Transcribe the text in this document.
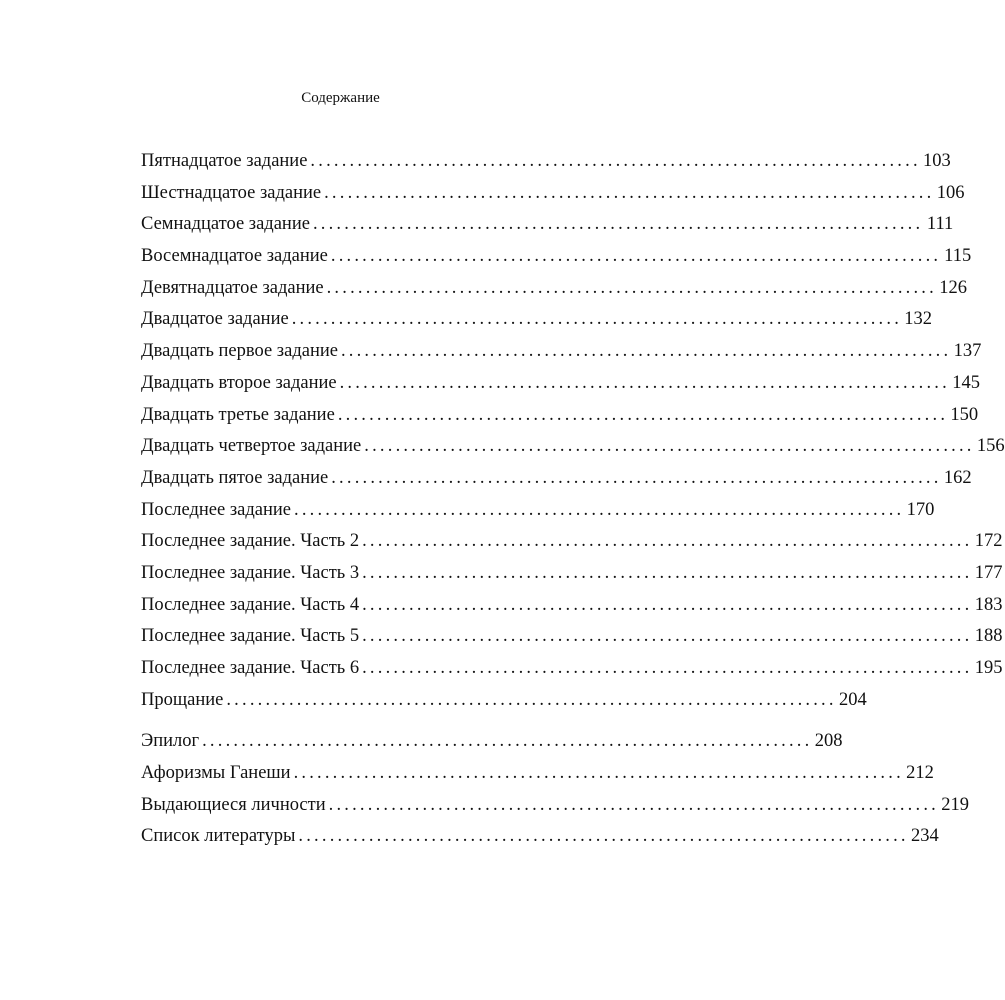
Содержание
Пятнадцатое задание .............................................................................. 103
Шестнадцатое задание .............................................................................. 106
Семнадцатое задание .............................................................................. 111
Восемнадцатое задание .............................................................................. 115
Девятнадцатое задание .............................................................................. 126
Двадцатое задание .............................................................................. 132
Двадцать первое задание .............................................................................. 137
Двадцать второе задание .............................................................................. 145
Двадцать третье задание .............................................................................. 150
Двадцать четвертое задание .............................................................................. 156
Двадцать пятое задание .............................................................................. 162
Последнее задание .............................................................................. 170
Последнее задание. Часть 2 .............................................................................. 172
Последнее задание. Часть 3 .............................................................................. 177
Последнее задание. Часть 4 .............................................................................. 183
Последнее задание. Часть 5 .............................................................................. 188
Последнее задание. Часть 6 .............................................................................. 195
Прощание .............................................................................. 204
Эпилог .............................................................................. 208
Афоризмы Ганеши .............................................................................. 212
Выдающиеся личности .............................................................................. 219
Список литературы .............................................................................. 234
